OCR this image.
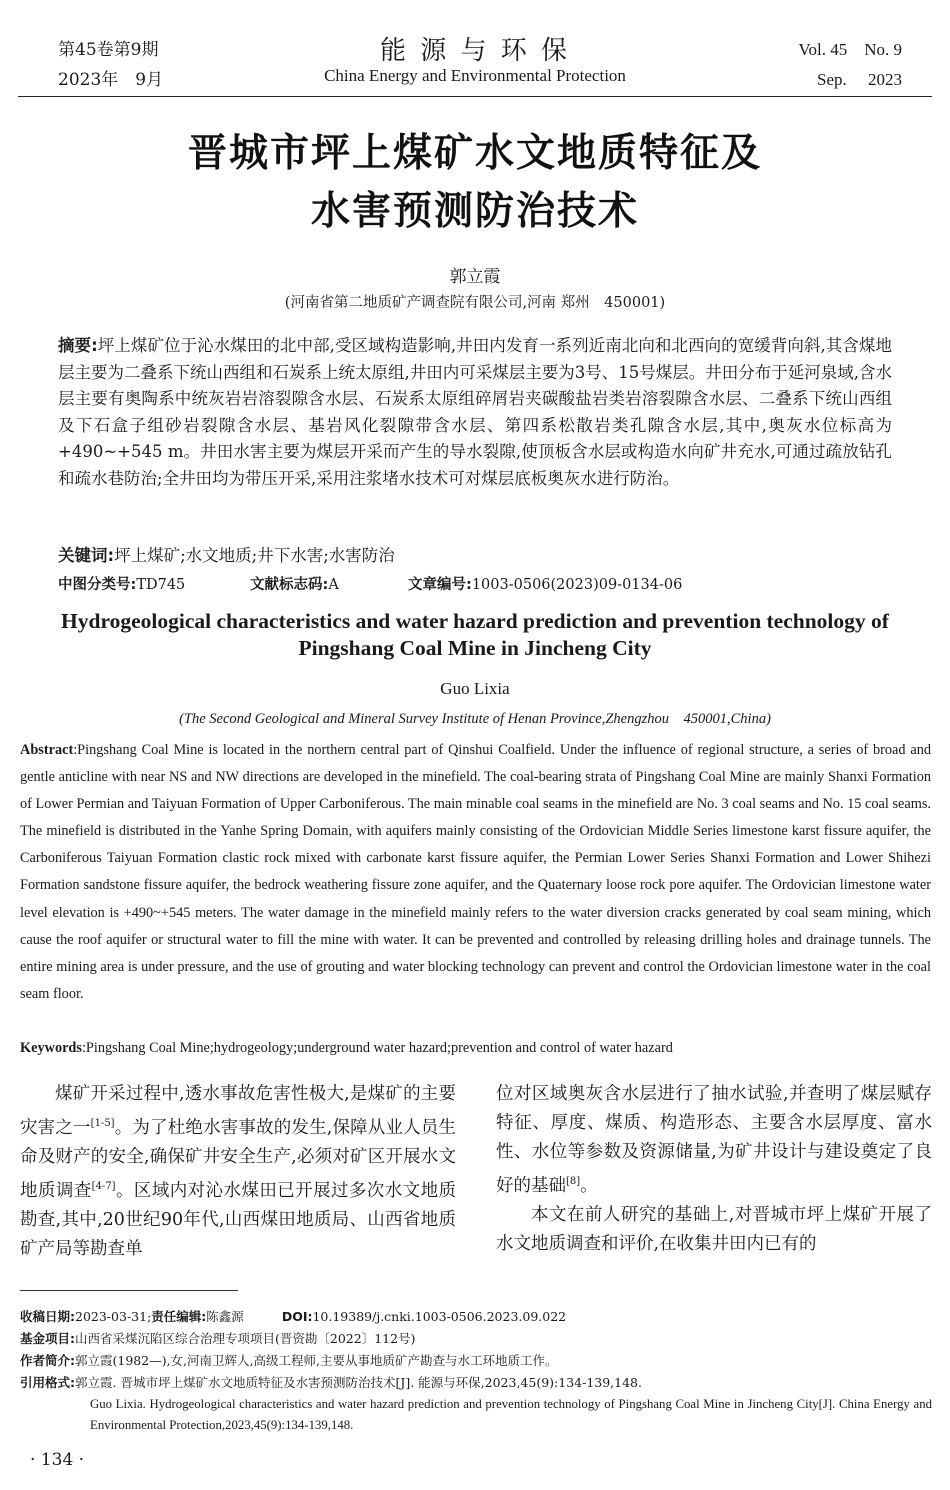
第45卷第9期
2023年　9月
能 源 与 环 保
China Energy and Environmental Protection
Vol. 45　No. 9
Sep.　 2023
晋城市坪上煤矿水文地质特征及
水害预测防治技术
郭立霞
(河南省第二地质矿产调查院有限公司,河南 郑州　450001)
摘要:坪上煤矿位于沁水煤田的北中部,受区域构造影响,井田内发育一系列近南北向和北西向的宽缓背向斜,其含煤地层主要为二叠系下统山西组和石炭系上统太原组,井田内可采煤层主要为3号、15号煤层。井田分布于延河泉域,含水层主要有奥陶系中统灰岩岩溶裂隙含水层、石炭系太原组碎屑岩夹碳酸盐岩类岩溶裂隙含水层、二叠系下统山西组及下石盒子组砂岩裂隙含水层、基岩风化裂隙带含水层、第四系松散岩类孔隙含水层,其中,奥灰水位标高为+490~+545 m。井田水害主要为煤层开采而产生的导水裂隙,使顶板含水层或构造水向矿井充水,可通过疏放钻孔和疏水巷防治;全井田均为带压开采,采用注浆堵水技术可对煤层底板奥灰水进行防治。
关键词:坪上煤矿;水文地质;井下水害;水害防治
中图分类号:TD745	文献标志码:A	文章编号:1003-0506(2023)09-0134-06
Hydrogeological characteristics and water hazard prediction and prevention technology of
Pingshang Coal Mine in Jincheng City
Guo Lixia
(The Second Geological and Mineral Survey Institute of Henan Province,Zhengzhou　450001,China)
Abstract:Pingshang Coal Mine is located in the northern central part of Qinshui Coalfield. Under the influence of regional structure, a series of broad and gentle anticline with near NS and NW directions are developed in the minefield. The coal-bearing strata of Pingshang Coal Mine are mainly Shanxi Formation of Lower Permian and Taiyuan Formation of Upper Carboniferous. The main minable coal seams in the minefield are No. 3 coal seams and No. 15 coal seams. The minefield is distributed in the Yanhe Spring Domain, with aquifers mainly consisting of the Ordovician Middle Series limestone karst fissure aquifer, the Carboniferous Taiyuan Formation clastic rock mixed with carbonate karst fissure aquifer, the Permian Lower Series Shanxi Formation and Lower Shihezi Formation sandstone fissure aquifer, the bedrock weathering fissure zone aquifer, and the Quaternary loose rock pore aquifer. The Ordovician limestone water level elevation is +490~+545 meters. The water damage in the minefield mainly refers to the water diversion cracks generated by coal seam mining, which cause the roof aquifer or structural water to fill the mine with water. It can be prevented and controlled by releasing drilling holes and drainage tunnels. The entire mining area is under pressure, and the use of grouting and water blocking technology can prevent and control the Ordovician limestone water in the coal seam floor.
Keywords:Pingshang Coal Mine;hydrogeology;underground water hazard;prevention and control of water hazard
煤矿开采过程中,透水事故危害性极大,是煤矿的主要灾害之一[1-5]。为了杜绝水害事故的发生,保障从业人员生命及财产的安全,确保矿井安全生产,必须对矿区开展水文地质调查[4-7]。区域内对沁水煤田已开展过多次水文地质勘查,其中,20世纪90年代,山西煤田地质局、山西省地质矿产局等勘查单
位对区域奥灰含水层进行了抽水试验,并查明了煤层赋存特征、厚度、煤质、构造形态、主要含水层厚度、富水性、水位等参数及资源储量,为矿井设计与建设奠定了良好的基础[8]。
本文在前人研究的基础上,对晋城市坪上煤矿开展了水文地质调查和评价,在收集井田内已有的
收稿日期:2023-03-31;责任编辑:陈鑫源	DOI:10.19389/j.cnki.1003-0506.2023.09.022
基金项目:山西省采煤沉陷区综合治理专项项目(晋资勘〔2022〕112号)
作者简介:郭立霞(1982—),女,河南卫辉人,高级工程师,主要从事地质矿产勘查与水工环地质工作。
引用格式:郭立霞. 晋城市坪上煤矿水文地质特征及水害预测防治技术[J]. 能源与环保,2023,45(9):134-139,148.
Guo Lixia. Hydrogeological characteristics and water hazard prediction and prevention technology of Pingshang Coal Mine in Jincheng City[J]. China Energy and Environmental Protection,2023,45(9):134-139,148.
· 134 ·
